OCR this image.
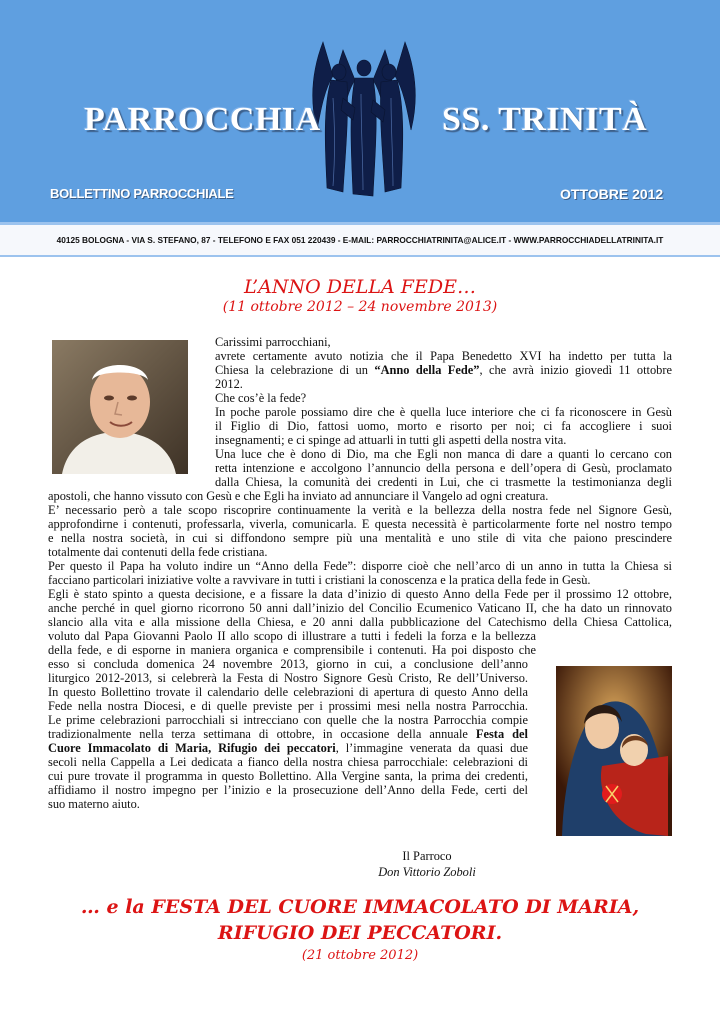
PARROCCHIA	SS. TRINITÀ
BOLLETTINO PARROCCHIALE	OTTOBRE 2012
40125 BOLOGNA - VIA S. STEFANO, 87 - TELEFONO E FAX 051 220439 - E-MAIL: PARROCCHIATRINITA@ALICE.IT - WWW.PARROCCHIADELLATRINITA.IT
L’ANNO DELLA FEDE…
(11 ottobre 2012 – 24 novembre 2013)
Carissimi parrocchiani,
avrete certamente avuto notizia che il Papa Benedetto XVI ha indetto per tutta la
Chiesa la celebrazione di un “Anno della Fede”, che avrà inizio giovedì 11 ottobre
2012.
Che cos’è la fede?
In poche parole possiamo dire che è quella luce interiore che ci fa riconoscere in Gesù
il Figlio di Dio, fattosi uomo, morto e risorto per noi; ci fa accogliere i suoi
insegnamenti; e ci spinge ad attuarli in tutti gli aspetti della nostra vita.
Una luce che è dono di Dio, ma che Egli non manca di dare a quanti lo cercano con
retta intenzione e accolgono l’annuncio della persona e dell’opera di Gesù, proclamato
dalla Chiesa, la comunità dei credenti in Lui, che ci trasmette la testimonianza degli
apostoli, che hanno vissuto con Gesù e che Egli ha inviato ad annunciare il Vangelo ad ogni creatura.
E’ necessario però a tale scopo riscoprire continuamente la verità e la bellezza della nostra fede nel Signore Gesù,
approfondirne i contenuti, professarla, viverla, comunicarla. E questa necessità è particolarmente forte nel nostro tempo
e nella nostra società, in cui si diffondono sempre più una mentalità e uno stile di vita che paiono prescindere
totalmente dai contenuti della fede cristiana.
Per questo il Papa ha voluto indire un “Anno della Fede”: disporre cioè che nell’arco di un anno in tutta la Chiesa si
facciano particolari iniziative volte a ravvivare in tutti i cristiani la conoscenza e la pratica della fede in Gesù.
Egli è stato spinto a questa decisione, e a fissare la data d’inizio di questo Anno della Fede per il prossimo 12 ottobre,
anche perché in quel giorno ricorrono 50 anni dall’inizio del Concilio Ecumenico Vaticano II, che ha dato un rinnovato
slancio alla vita e alla missione della Chiesa, e 20 anni dalla pubblicazione del Catechismo della Chiesa Cattolica,
voluto dal Papa Giovanni Paolo II allo scopo di illustrare a tutti i fedeli la forza e la bellezza
della fede, e di esporne in maniera organica e comprensibile i contenuti. Ha poi disposto che
esso si concluda domenica 24 novembre 2013, giorno in cui, a conclusione dell’anno
liturgico 2012-2013, si celebrerà la Festa di Nostro Signore Gesù Cristo, Re dell’Universo.
In questo Bollettino trovate il calendario delle celebrazioni di apertura di questo Anno della
Fede nella nostra Diocesi, e di quelle previste per i prossimi mesi nella nostra Parrocchia.
Le prime celebrazioni parrocchiali si intrecciano con quelle che la nostra Parrocchia compie
tradizionalmente nella terza settimana di ottobre, in occasione della annuale Festa del
Cuore Immacolato di Maria, Rifugio dei peccatori, l’immagine venerata da quasi due
secoli nella Cappella a Lei dedicata a fianco della nostra chiesa parrocchiale: celebrazioni di
cui pure trovate il programma in questo Bollettino. Alla Vergine santa, la prima dei credenti,
affidiamo il nostro impegno per l’inizio e la prosecuzione dell’Anno della Fede, certi del
suo materno aiuto.
Il Parroco
Don Vittorio Zoboli
… e la FESTA DEL CUORE IMMACOLATO DI MARIA,
RIFUGIO DEI PECCATORI.
(21 ottobre 2012)
